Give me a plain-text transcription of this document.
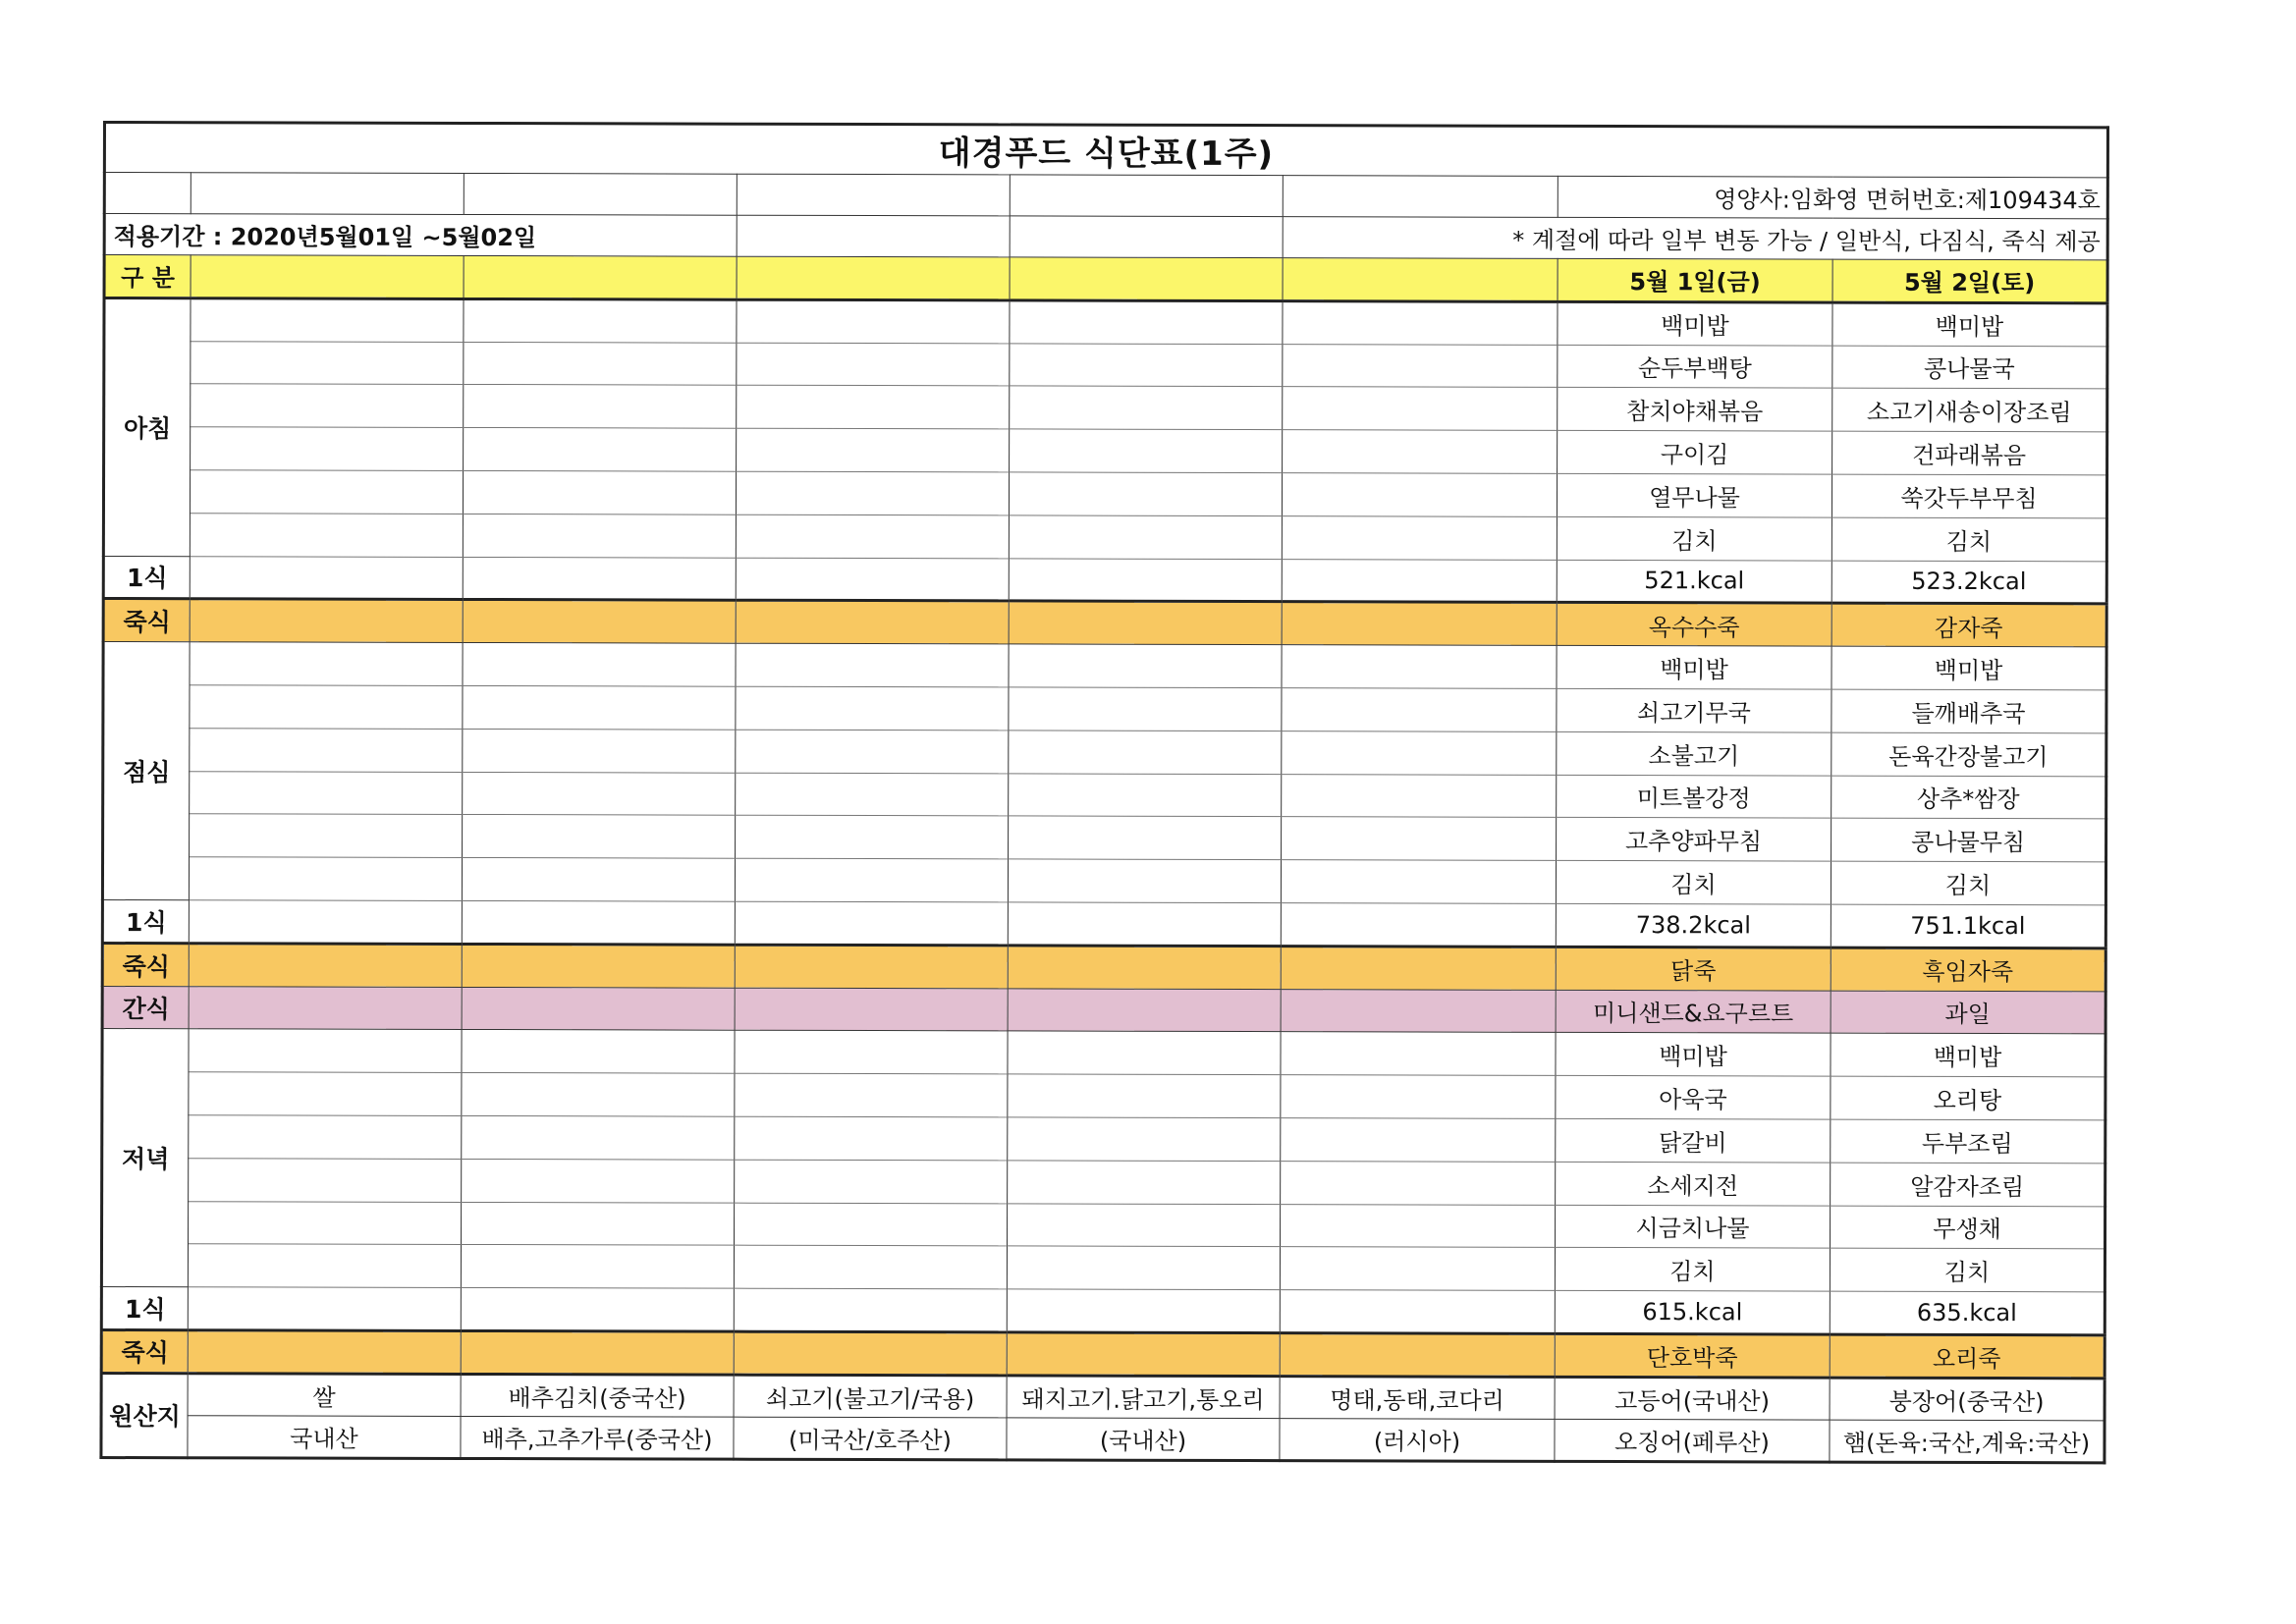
대경푸드 식단표(1주)							
						영양사:임화영 면허번호:제109434호	
적용기간 : 2020년5월01일 ~5월02일					* 계절에 따라 일부 변동 가능 / 일반식, 다짐식, 죽식 제공		
구 분						5월 1일(금)	5월 2일(토)
아침						백미밥	백미밥
						순두부백탕	콩나물국
						참치야채볶음	소고기새송이장조림
						구이김	건파래볶음
						열무나물	쑥갓두부무침
						김치	김치
1식						521.kcal	523.2kcal
죽식						옥수수죽	감자죽
점심						백미밥	백미밥
						쇠고기무국	들깨배추국
						소불고기	돈육간장불고기
						미트볼강정	상추*쌈장
						고추양파무침	콩나물무침
						김치	김치
1식						738.2kcal	751.1kcal
죽식						닭죽	흑임자죽
간식						미니샌드&요구르트	과일
저녁						백미밥	백미밥
						아욱국	오리탕
						닭갈비	두부조림
						소세지전	알감자조림
						시금치나물	무생채
						김치	김치
1식						615.kcal	635.kcal
죽식						단호박죽	오리죽
원산지	쌀	배추김치(중국산)	쇠고기(불고기/국용)	돼지고기.닭고기,통오리	명태,동태,코다리	고등어(국내산)	붕장어(중국산)
	국내산	배추,고추가루(중국산)	(미국산/호주산)	(국내산)	(러시아)	오징어(페루산)	햄(돈육:국산,계육:국산)
